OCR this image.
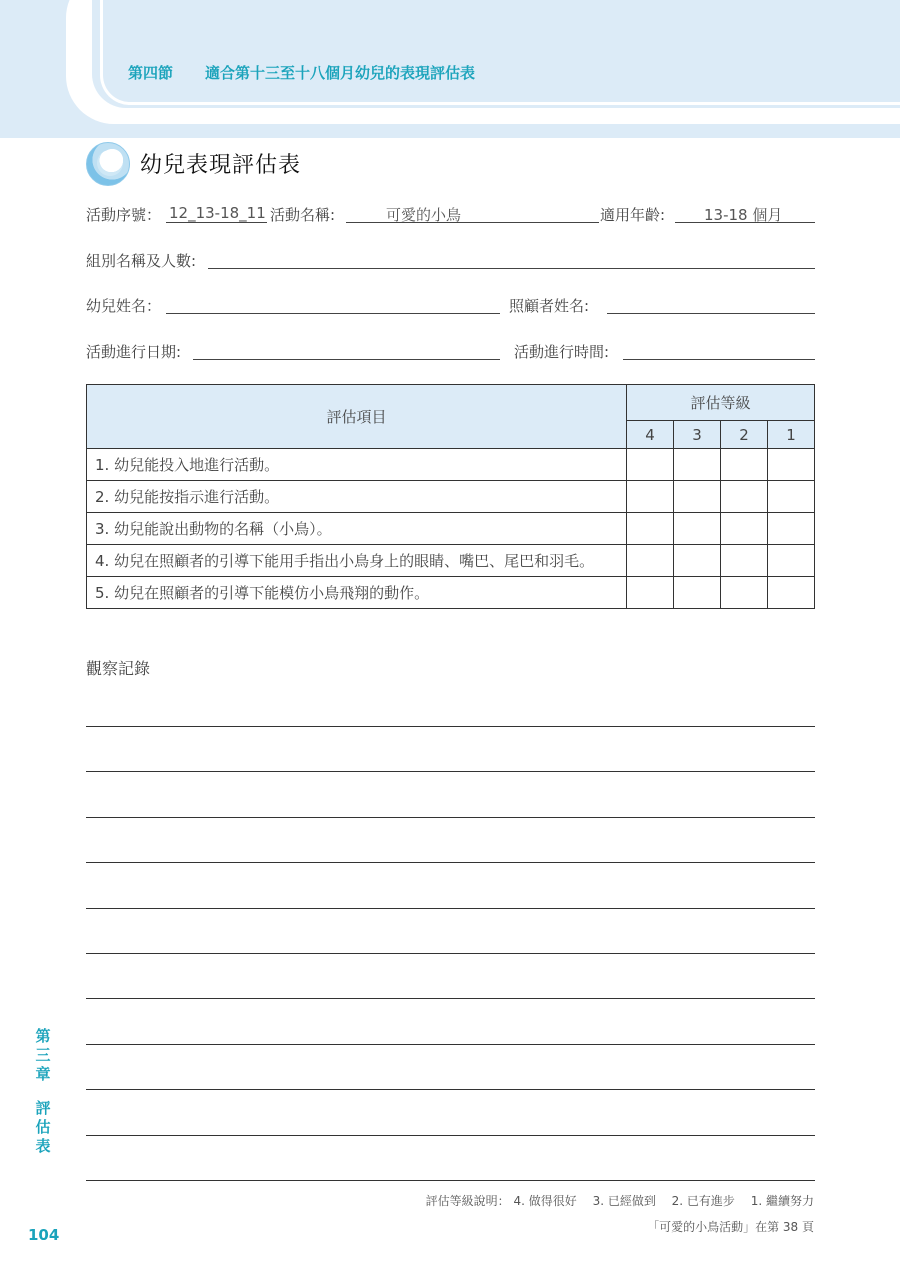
第四節 適合第十三至十八個月幼兒的表現評估表
幼兒表現評估表
活動序號： 12_13-18_11 活動名稱:	可愛的小鳥	適用年齡:	13-18 個月
組別名稱及人數:
幼兒姓名：	照顧者姓名:
活動進行日期:	活動進行時間:
評估項目	評估等級			
	4	3	2	1
1. 幼兒能投入地進行活動。				
2. 幼兒能按指示進行活動。				
3. 幼兒能說出動物的名稱（小鳥）。				
4. 幼兒在照顧者的引導下能用手指出小鳥身上的眼睛、嘴巴、尾巴和羽毛。				
5. 幼兒在照顧者的引導下能模仿小鳥飛翔的動作。				
觀察記錄
第
三
章
評
估
表
評估等級說明： 4. 做得很好　 3. 已經做到　 2. 已有進步　 1. 繼續努力
「可愛的小鳥活動」在第 38 頁
104
